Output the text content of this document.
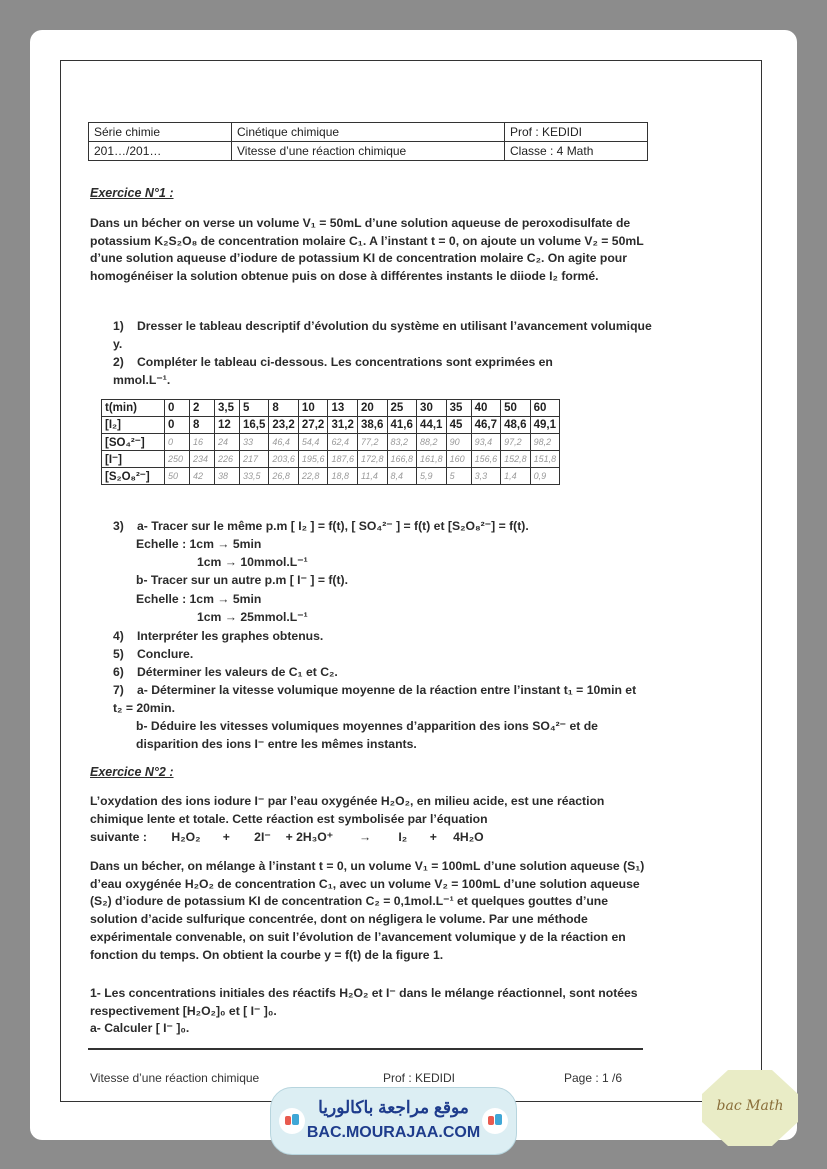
Série chimie	Cinétique chimique	Prof : KEDIDI
201…/201…	Vitesse d’une réaction chimique	Classe : 4 Math
Exercice N°1 :

Dans un bécher on verse un volume V₁ = 50mL d’une solution aqueuse de peroxodisulfate de potassium K₂S₂O₈ de concentration molaire C₁. A l’instant t = 0, on ajoute un volume V₂ = 50mL d’une solution aqueuse d’iodure de potassium KI de concentration molaire C₂. On agite pour homogénéiser la solution obtenue puis on dose à différentes instants le diiode I₂ formé.

1) Dresser le tableau descriptif d’évolution du système en utilisant l’avancement volumique y.
2) Compléter le tableau ci-dessous. Les concentrations sont exprimées en mmol.L⁻¹.
t(min)	0	2	3,5	5	8	10	13	20	25	30	35	40	50	60
[I₂]	0	8	12	16,5	23,2	27,2	31,2	38,6	41,6	44,1	45	46,7	48,6	49,1
[SO₄²⁻]	0	16	24	33	46,4	54,4	62,4	77,2	83,2	88,2	90	93,4	97,2	98,2
[I⁻]	250	234	226	217	203,6	195,6	187,6	172,8	166,8	161,8	160	156,6	152,8	151,8
[S₂O₈²⁻]	50	42	38	33,5	26,8	22,8	18,8	11,4	8,4	5,9	5	3,3	1,4	0,9
3) a- Tracer sur le même p.m [ I₂ ] = f(t), [ SO₄²⁻ ] = f(t) et [S₂O₈²⁻] = f(t).
Echelle : 1cm → 5min
1cm → 10mmol.L⁻¹
b- Tracer sur un autre p.m [ I⁻ ] = f(t).
Echelle : 1cm → 5min
1cm → 25mmol.L⁻¹
4) Interpréter les graphes obtenus.
5) Conclure.
6) Déterminer les valeurs de C₁ et C₂.
7) a- Déterminer la vitesse volumique moyenne de la réaction entre l’instant t₁ = 10min et t₂ = 20min.
b- Déduire les vitesses volumiques moyennes d’apparition des ions SO₄²⁻ et de disparition des ions I⁻ entre les mêmes instants.
Exercice N°2 :

L’oxydation des ions iodure I⁻ par l’eau oxygénée H₂O₂, en milieu acide, est une réaction chimique lente et totale. Cette réaction est symbolisée par l’équation

suivante : H₂O₂ + 2I⁻ + 2H₃O⁺ → I₂ + 4H₂O

Dans un bécher, on mélange à l’instant t = 0, un volume V₁ = 100mL d’une solution aqueuse (S₁) d’eau oxygénée H₂O₂ de concentration C₁, avec un volume V₂ = 100mL d’une solution aqueuse (S₂) d’iodure de potassium KI de concentration C₂ = 0,1mol.L⁻¹ et quelques gouttes d’une solution d’acide sulfurique concentrée, dont on négligera le volume. Par une méthode expérimentale convenable, on suit l’évolution de l’avancement volumique y de la réaction en fonction du temps. On obtient la courbe y = f(t) de la figure 1.

1- Les concentrations initiales des réactifs H₂O₂ et I⁻ dans le mélange réactionnel, sont notées respectivement [H₂O₂]₀ et [ I⁻ ]₀.

a- Calculer [ I⁻ ]₀.

Vitesse d’une réaction chimique	Prof : KEDIDI	Page : 1 /6
موقع مراجعة باكالوريا
BAC.MOURAJAA.COM
bac Math
